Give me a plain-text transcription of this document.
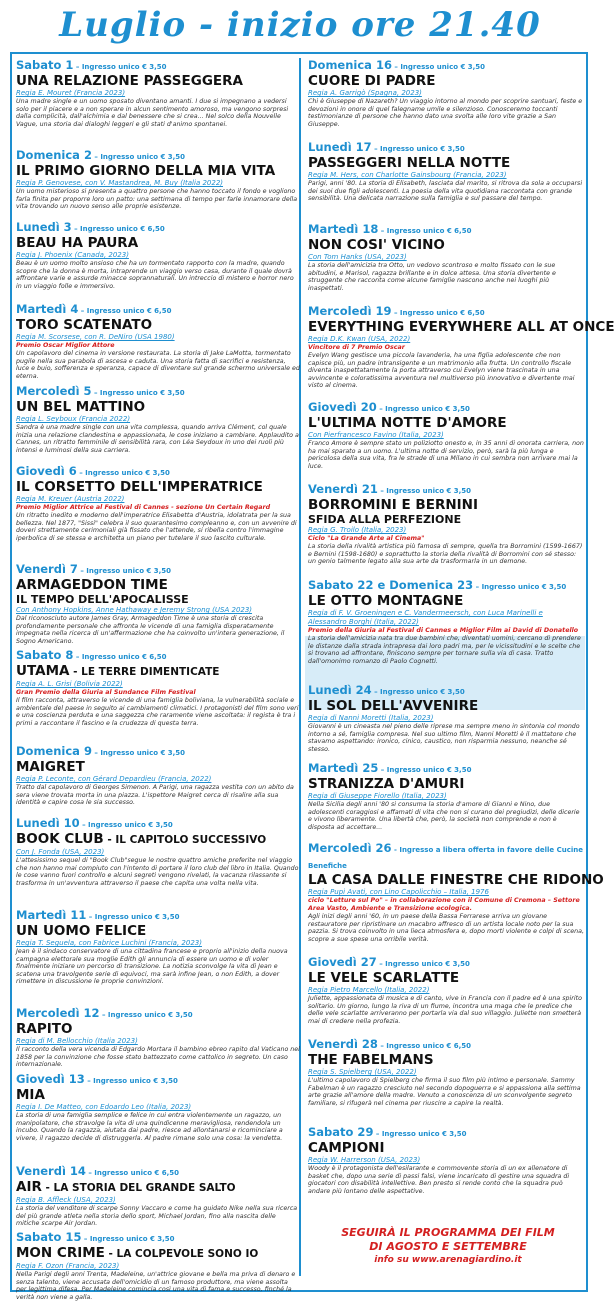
Luglio - inizio ore 21.40
Sabato 1 – Ingresso unico € 3,50
UNA RELAZIONE PASSEGGERA
Regia E. Mouret (Francia 2023)
Una madre single e un uomo sposato diventano amanti. I due si impegnano a vedersi solo per il piacere e a non sperare in alcun sentimento amoroso, ma vengono sorpresi dalla complicità, dall'alchimia e dal benessere che si crea... Nel solco della Nouvelle Vague, una storia dai dialoghi leggeri e gli stati d'animo spontanei.
Domenica 2 – Ingresso unico € 3,50
IL PRIMO GIORNO DELLA MIA VITA
Regia P. Genovese, con V. Mastandrea, M. Buy (Italia 2022)
Un uomo misterioso si presenta a quattro persone che hanno toccato il fondo e vogliono farla finita per proporre loro un patto: una settimana di tempo per farle innamorare della vita trovando un nuovo senso alle proprie esistenze.
Lunedì 3 – Ingresso unico € 6,50
BEAU HA PAURA
Regia J. Phoenix (Canada, 2023)
Beau è un uomo molto ansioso che ha un tormentato rapporto con la madre, quando scopre che la donna è morta, intraprende un viaggio verso casa, durante il quale dovrà affrontare varie e assurde minacce soprannaturali. Un intreccio di mistero e horror nero in un viaggio folle e immersivo.
Martedì 4 – Ingresso unico € 6,50
TORO SCATENATO
Regia M. Scorsese, con R. DeNiro (USA 1980)
Premio Oscar Miglior Attore
Un capolavoro del cinema in versione restaurata. La storia di Jake LaMotta, tormentato pugile nella sua parabola di ascesa e caduta. Una storia fatta di sacrifici e resistenza, luce e buio, sofferenza e speranza, capace di diventare sul grande schermo universale ed eterna.
Mercoledì 5 – Ingresso unico € 3,50
UN BEL MATTINO
Regia L. Seyboux (Francia 2022)
Sandra è una madre single con una vita complessa, quando arriva Clément, col quale inizia una relazione clandestina e appassionata, le cose iniziano a cambiare. Applaudito a Cannes, un ritratto femminile di sensibilità rara, con Léa Seydoux in uno dei ruoli più intensi e luminosi della sua carriera.
Giovedì 6 – Ingresso unico € 3,50
IL CORSETTO DELL'IMPERATRICE
Regia M. Kreuer (Austria 2022)
Premio Miglior Attrice al Festival di Cannes - sezione Un Certain Regard
Un ritratto inedito e moderno dell'imperatrice Elisabetta d'Austria, idolatrata per la sua bellezza. Nel 1877, "Sissi" celebra il suo quarantesimo compleanno e, con un avvenire di doveri strettamente cerimoniali già fissato che l'attende, si ribella contro l'immagine iperbolica di se stessa e architetta un piano per tutelare il suo lascito culturale.
Venerdì 7 – Ingresso unico € 3,50
ARMAGEDDON TIME
IL TEMPO DELL'APOCALISSE
Con Anthony Hopkins, Anne Hathaway e Jeremy Strong (USA 2023)
Dal riconosciuto autore James Gray, Armageddon Time è una storia di crescita profondamente personale che affronta le vicende di una famiglia disperatamente impegnata nella ricerca di un'affermazione che ha coinvolto un'intera generazione, il Sogno Americano.
Sabato 8 – Ingresso unico € 6,50
UTAMA - LE TERRE DIMENTICATE
Regia A. L. Grisi (Bolivia 2022)
Gran Premio della Giuria al Sundance Film Festival
Il film racconta, attraverso le vicende di una famiglia boliviana, la vulnerabilità sociale e ambientale del paese in seguito ai cambiamenti climatici. I protagonisti del film sono veri e una coscienza perduta e una saggezza che raramente viene ascoltata: il regista è tra i primi a raccontare il fascino e la crudezza di questa terra.
Domenica 9 – Ingresso unico € 3,50
MAIGRET
Regia P. Leconte, con Gérard Depardieu (Francia, 2022)
Tratto dal capolavoro di Georges Simenon. A Parigi, una ragazza vestita con un abito da sera viene trovata morta in una piazza. L'ispettore Maigret cerca di risalire alla sua identità e capire cosa le sia successo.
Lunedì 10 – Ingresso unico € 3,50
BOOK CLUB - IL CAPITOLO SUCCESSIVO
Con J. Fonda (USA, 2023)
L'attesissimo sequel di "Book Club"segue le nostre quattro amiche preferite nel viaggio che non hanno mai compiuto con l'intento di portare il loro club del libro in Italia. Quando le cose vanno fuori controllo e alcuni segreti vengono rivelati, la vacanza rilassante si trasforma in un'avventura attraverso il paese che capita una volta nella vita.
Martedì 11 – Ingresso unico € 3,50
UN UOMO FELICE
Regia T. Seguela, con Fabrice Luchini (Francia, 2023)
Jean è il sindaco conservatore di una cittadina francese e proprio all'inizio della nuova campagna elettorale sua moglie Edith gli annuncia di essere un uomo e di voler finalmente iniziare un percorso di transizione. La notizia sconvolge la vita di Jean e scatena una travolgente serie di equivoci, ma sarà infine Jean, o non Edith, a dover rimettere in discussione le proprie convinzioni.
Mercoledì 12 – Ingresso unico € 3,50
RAPITO
Regia di M. Bellocchio (Italia 2023)
Il racconto della vera vicenda di Edgardo Mortara il bambino ebreo rapito dal Vaticano nel 1858 per la convinzione che fosse stato battezzato come cattolico in segreto. Un caso internazionale.
Giovedì 13 – Ingresso unico € 3,50
MIA
Regia I. De Matteo, con Edoardo Leo (Italia, 2023)
La storia di una famiglia semplice e felice in cui entra violentemente un ragazzo, un manipolatore, che stravolge la vita di una quindicenne meravigliosa, rendendola un incubo. Quando la ragazza, aiutata dai padre, riesce ad allontanarsi e ricominciare a vivere, il ragazzo decide di distruggerla. Al padre rimane solo una cosa: la vendetta.
Venerdì 14 – Ingresso unico € 6,50
AIR - LA STORIA DEL GRANDE SALTO
Regia B. Affleck (USA, 2023)
La storia del venditore di scarpe Sonny Vaccaro e come ha guidato Nike nella sua ricerca del più grande atleta nella storia dello sport, Michael Jordan, fino alla nascita delle mitiche scarpe Air Jordan.
Sabato 15 – Ingresso unico € 3,50
MON CRIME - LA COLPEVOLE SONO IO
Regia F. Ozon (Francia, 2023)
Nella Parigi degli anni Trenta, Madeleine, un'attrice giovane e bella ma priva di denaro e senza talento, viene accusata dell'omicidio di un famoso produttore, ma viene assolta per legittima difesa. Per Madeleine comincia così una vita di fama e successo, finché la verità non viene a galla.
Domenica 16 – Ingresso unico € 3,50
CUORE DI PADRE
Regia A. Garrigò (Spagna, 2023)
Chi è Giuseppe di Nazareth? Un viaggio intorno al mondo per scoprire santuari, feste e devozioni in onore di quel falegname umile e silenzioso. Conosceremo toccanti testimonianze di persone che hanno dato una svolta alle loro vite grazie a San Giuseppe.
Lunedì 17 – Ingresso unico € 3,50
PASSEGGERI NELLA NOTTE
Regia M. Hers, con Charlotte Gainsbourg (Francia, 2023)
Parigi, anni '80. La storia di Elisabeth, lasciata dal marito, si ritrova da sola a occuparsi dei suoi due figli adolescenti. La poesia della vita quotidiana raccontata con grande sensibilità. Una delicata narrazione sulla famiglia e sul passare del tempo.
Martedì 18 – Ingresso unico € 6,50
NON COSI' VICINO
Con Tom Hanks (USA, 2023)
La storia dell'amicizia tra Otto, un vedovo scontroso e molto fissato con le sue abitudini, e Marisol, ragazza brillante e in dolce attesa. Una storia divertente e struggente che racconta come alcune famiglie nascono anche nei luoghi più inaspettati.
Mercoledì 19 – Ingresso unico € 6,50
EVERYTHING EVERYWHERE ALL AT ONCE
Regia D.K. Kwan (USA, 2022)
Vincitore di 7 Premio Oscar
Evelyn Wang gestisce una piccola lavanderia, ha una figlia adolescente che non capisce più, un padre intransigente e un matrimonio alla frutta. Un controllo fiscale diventa inaspettatamente la porta attraverso cui Evelyn viene trascinata in una avvincente e coloratissima avventura nel multiverso più innovativo e divertente mai visto al cinema.
Giovedì 20 – Ingresso unico € 3,50
L'ULTIMA NOTTE D'AMORE
Con Pierfrancesco Favino (Italia, 2023)
Franco Amore è sempre stato un poliziotto onesto e, in 35 anni di onorata carriera, non ha mai sparato a un uomo. L'ultima notte di servizio, però, sarà la più lunga e pericolosa della sua vita, fra le strade di una Milano in cui sembra non arrivare mai la luce.
Venerdì 21 – Ingresso unico € 3,50
BORROMINI E BERNINI
SFIDA ALLA PERFEZIONE
Regia G. Troilo (Italia, 2023)
Ciclo "La Grande Arte al Cinema"
La storia della rivalità artistica più famosa di sempre, quella tra Borromini (1599-1667) e Bernini (1598-1680) e soprattutto la storia della rivalità di Borromini con sé stesso: un genio talmente legato alla sua arte da trasformarla in un demone.
Sabato 22 e Domenica 23 – Ingresso unico € 3,50
LE OTTO MONTAGNE
Regia di F. V. Groeningen e C. Vandermeersch, con Luca Marinelli e
Alessandro Borghi (Italia, 2022)
Premio della Giuria al Festival di Cannes e Miglior Film ai David di Donatello
La storia dell'amicizia nata tra due bambini che, diventati uomini, cercano di prendere le distanze dalla strada intrapresa dai loro padri ma, per le vicissitudini e le scelte che si trovano ad affrontare, finiscono sempre per tornare sulla via di casa. Tratto dall'omonimo romanzo di Paolo Cognetti.
Lunedì 24 – Ingresso unico € 3,50
IL SOL DELL'AVVENIRE
Regia di Nanni Moretti (Italia, 2023)
Giovanni è un cineasta nel pieno delle riprese ma sempre meno in sintonia col mondo intorno a sé, famiglia compresa. Nel suo ultimo film, Nanni Moretti è il mattatore che stavamo aspettando: ironico, cinico, caustico, non risparmia nessuno, neanche sé stesso.
Martedì 25 – Ingresso unico € 3,50
STRANIZZA D'AMURI
Regia di Giuseppe Fiorello (Italia, 2023)
Nella Sicilia degli anni '80 si consuma la storia d'amore di Gianni e Nino, due adolescenti coraggiosi e affamati di vita che non si curano dei pregiudizi, delle dicerie e vivono liberamente. Una libertà che, però, la società non comprende e non è disposta ad accettare...
Mercoledì 26 - Ingresso a libera offerta in favore delle Cucine Benefiche
LA CASA DALLE FINESTRE CHE RIDONO
Regia Pupi Avati, con Lino Capolicchio – Italia, 1976
ciclo "Letture sul Po" – in collaborazione con il Comune di Cremona – Settore Area Vasto, Ambiente e Transizione ecologica.
Agli inizi degli anni '60, in un paese della Bassa Ferrarese arriva un giovane restauratore per ripristinare un macabro affresco di un artista locale noto per la sua pazzia. Si trova coinvolto in una lieca atmosfera e, dopo morti violente e colpi di scena, scopre a sue spese una orribile verità.
Giovedì 27 – Ingresso unico € 3,50
LE VELE SCARLATTE
Regia Pietro Marcello (Italia, 2022)
Juliette, appassionata di musica e di canto, vive in Francia con il padre ed è una spirito solitario. Un giorno, lungo la riva di un fiume, incontra una maga che le predice che delle vele scarlatte arriveranno per portarla via dal suo villaggio. Juliette non smetterà mai di credere nella profezia.
Venerdì 28 – Ingresso unico € 6,50
THE FABELMANS
Regia S. Spielberg (USA, 2022)
L'ultimo capolavoro di Spielberg che firma il suo film più intimo e personale. Sammy Fabelman è un ragazzo cresciuto nel secondo dopoguerra e si appassiona alla settima arte grazie all'amore della madre. Venuto a conoscenza di un sconvolgente segreto familiare, si rifugerà nel cinema per riuscire a capire la realtà.
Sabato 29 – Ingresso unico € 3,50
CAMPIONI
Regia W. Harrerson (USA, 2023)
Woody è il protagonista dell'esilarante e commovente storia di un ex allenatore di basket che, dopo una serie di passi falsi, viene incaricato di gestire una squadra di giocatori con disabilità intellettive. Ben presto si rende conto che la squadra può andare più lontano delle aspettative.
SEGUIRÀ IL PROGRAMMA DEI FILM
DI AGOSTO E SETTEMBRE
info su www.arenagiardino.it
